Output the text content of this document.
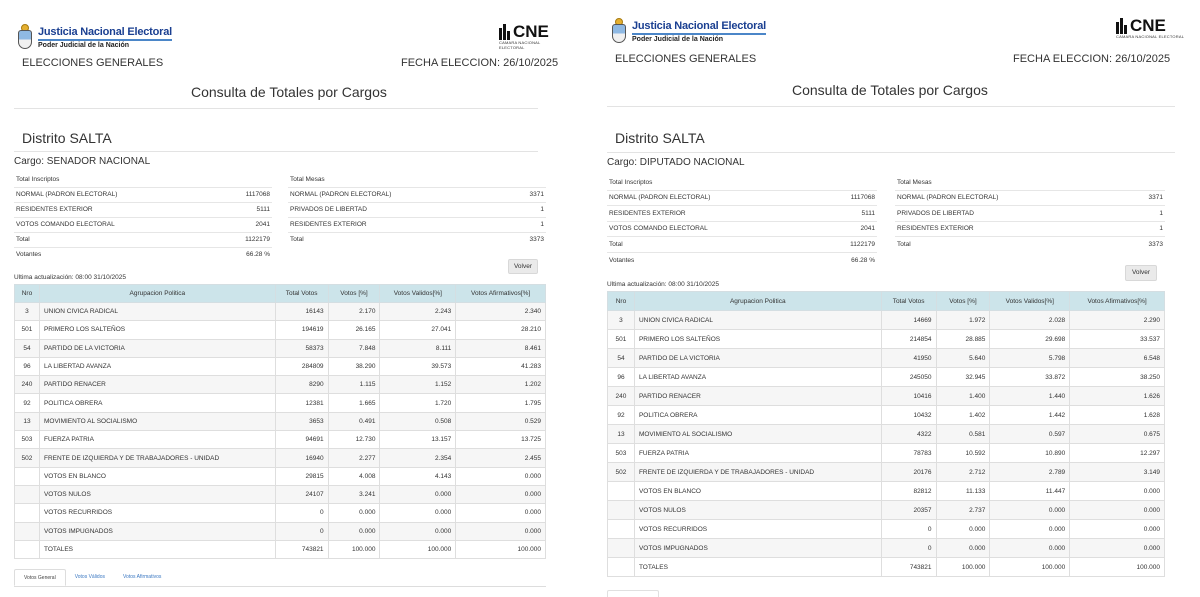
Justicia Nacional Electoral
Poder Judicial de la Nación
CNE
CAMARA NACIONAL ELECTORAL
ELECCIONES GENERALES	FECHA ELECCION: 26/10/2025
Consulta de Totales por Cargos
Distrito SALTA
Cargo: SENADOR NACIONAL
Total Inscriptos	
NORMAL (PADRON ELECTORAL)	1117068
RESIDENTES EXTERIOR	5111
VOTOS COMANDO ELECTORAL	2041
Total	1122179
Votantes	66.28 %
Total Mesas	
NORMAL (PADRON ELECTORAL)	3371
PRIVADOS DE LIBERTAD	1
RESIDENTES EXTERIOR	1
Total	3373
Volver
Ultima actualización: 08:00 31/10/2025
Nro	Agrupacion Politica	Total Votos	Votos [%]	Votos Validos[%]	Votos Afirmativos[%]
3	UNION CIVICA RADICAL	16143	2.170	2.243	2.340
501	PRIMERO LOS SALTEÑOS	194619	26.165	27.041	28.210
54	PARTIDO DE LA VICTORIA	58373	7.848	8.111	8.461
96	LA LIBERTAD AVANZA	284809	38.290	39.573	41.283
240	PARTIDO RENACER	8290	1.115	1.152	1.202
92	POLITICA OBRERA	12381	1.665	1.720	1.795
13	MOVIMIENTO AL SOCIALISMO	3653	0.491	0.508	0.529
503	FUERZA PATRIA	94691	12.730	13.157	13.725
502	FRENTE DE IZQUIERDA Y DE TRABAJADORES - UNIDAD	16940	2.277	2.354	2.455
	VOTOS EN BLANCO	29815	4.008	4.143	0.000
	VOTOS NULOS	24107	3.241	0.000	0.000
	VOTOS RECURRIDOS	0	0.000	0.000	0.000
	VOTOS IMPUGNADOS	0	0.000	0.000	0.000
	TOTALES	743821	100.000	100.000	100.000
Votos General	Votos Válidos	Votos Afirmativos
Justicia Nacional Electoral
Poder Judicial de la Nación
CNE
CAMARA NACIONAL ELECTORAL
ELECCIONES GENERALES	FECHA ELECCION: 26/10/2025
Consulta de Totales por Cargos
Distrito SALTA
Cargo: DIPUTADO NACIONAL
Total Inscriptos	
NORMAL (PADRON ELECTORAL)	1117068
RESIDENTES EXTERIOR	5111
VOTOS COMANDO ELECTORAL	2041
Total	1122179
Votantes	66.28 %
Total Mesas	
NORMAL (PADRON ELECTORAL)	3371
PRIVADOS DE LIBERTAD	1
RESIDENTES EXTERIOR	1
Total	3373
Volver
Ultima actualización: 08:00 31/10/2025
Nro	Agrupacion Politica	Total Votos	Votos [%]	Votos Validos[%]	Votos Afirmativos[%]
3	UNION CIVICA RADICAL	14669	1.972	2.028	2.290
501	PRIMERO LOS SALTEÑOS	214854	28.885	29.698	33.537
54	PARTIDO DE LA VICTORIA	41950	5.640	5.798	6.548
96	LA LIBERTAD AVANZA	245050	32.945	33.872	38.250
240	PARTIDO RENACER	10416	1.400	1.440	1.626
92	POLITICA OBRERA	10432	1.402	1.442	1.628
13	MOVIMIENTO AL SOCIALISMO	4322	0.581	0.597	0.675
503	FUERZA PATRIA	78783	10.592	10.890	12.297
502	FRENTE DE IZQUIERDA Y DE TRABAJADORES - UNIDAD	20176	2.712	2.789	3.149
	VOTOS EN BLANCO	82812	11.133	11.447	0.000
	VOTOS NULOS	20357	2.737	0.000	0.000
	VOTOS RECURRIDOS	0	0.000	0.000	0.000
	VOTOS IMPUGNADOS	0	0.000	0.000	0.000
	TOTALES	743821	100.000	100.000	100.000
